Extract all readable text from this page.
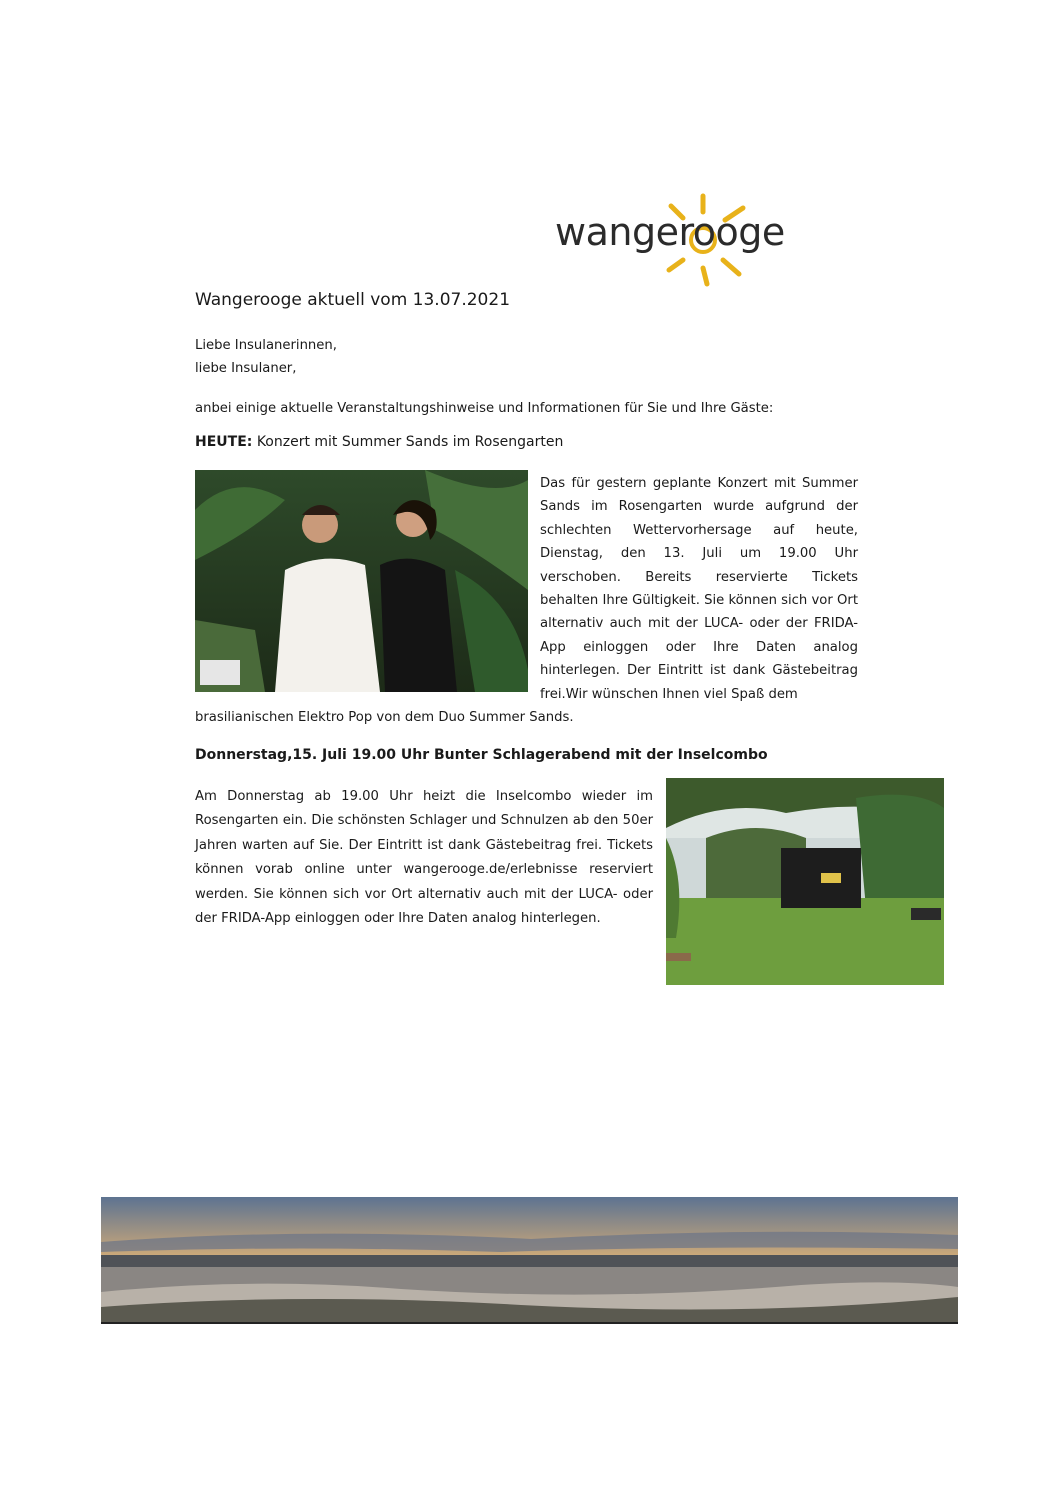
wangerooge
Wangerooge aktuell vom 13.07.2021
Liebe Insulanerinnen,
liebe Insulaner,
anbei einige aktuelle Veranstaltungshinweise und Informationen für Sie und Ihre Gäste:
HEUTE: Konzert mit Summer Sands im Rosengarten
Das für gestern geplante Konzert mit Summer Sands im Rosengarten wurde aufgrund der schlechten Wettervorhersage auf heute, Dienstag, den 13. Juli um 19.00 Uhr verschoben. Bereits reservierte Tickets behalten Ihre Gültigkeit. Sie können sich vor Ort alternativ auch mit der LUCA- oder der FRIDA-App einloggen oder Ihre Daten analog hinterlegen. Der Eintritt ist dank Gästebeitrag frei.Wir wünschen Ihnen viel Spaß dem
brasilianischen Elektro Pop von dem Duo Summer Sands.
Donnerstag,15. Juli 19.00 Uhr Bunter Schlagerabend mit der Inselcombo
Am Donnerstag ab 19.00 Uhr heizt die Inselcombo wieder im Rosengarten ein. Die schönsten Schlager und Schnulzen ab den 50er Jahren warten auf Sie. Der Eintritt ist dank Gästebeitrag frei. Tickets können vorab online unter wangerooge.de/erlebnisse reserviert werden. Sie können sich vor Ort alternativ auch mit der LUCA- oder der FRIDA-App einloggen oder Ihre Daten analog hinterlegen.
